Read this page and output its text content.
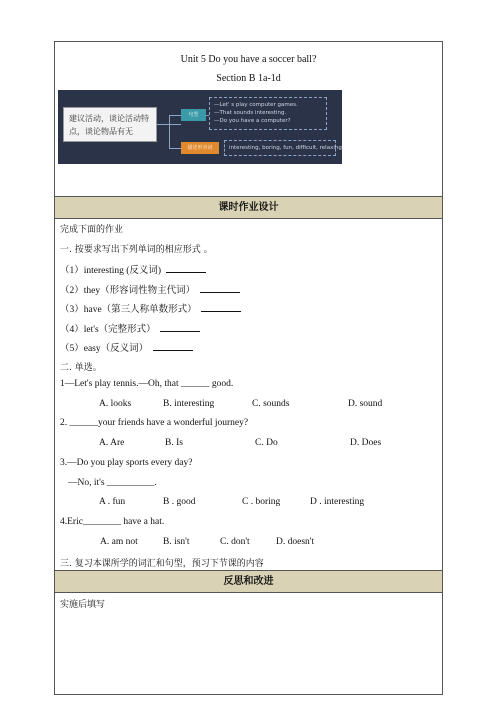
Unit 5 Do you have a soccer ball?
Section B 1a-1d
建议活动，谈论活动特点，谈论物品有无
句型
—Let' s play computer games.
—That sounds interesting.
—Do you have a computer?
描述形容词	interesting, boring, fun, difficult, relaxing
课时作业设计
完成下面的作业
一. 按要求写出下列单词的相应形式 。
（1）interesting (反义词)
（2）they（形容词性物主代词）
（3）have（第三人称单数形式）
（4）let's（完整形式）
（5）easy（反义词）
二. 单选。
1—Let's play tennis.—Oh, that ______ good.
A. looks	B. interesting	C. sounds	D. sound
2. ______your friends have a wonderful journey?
A. Are	B. Is	C. Do	D. Does
3.—Do you play sports every day?
—No, it's __________.
A . fun	B . good	C . boring	D . interesting
4.Eric________ have a hat.
A. am not	B. isn't	C. don't	D. doesn't
三. 复习本课所学的词汇和句型，预习下节课的内容
反思和改进
实施后填写
